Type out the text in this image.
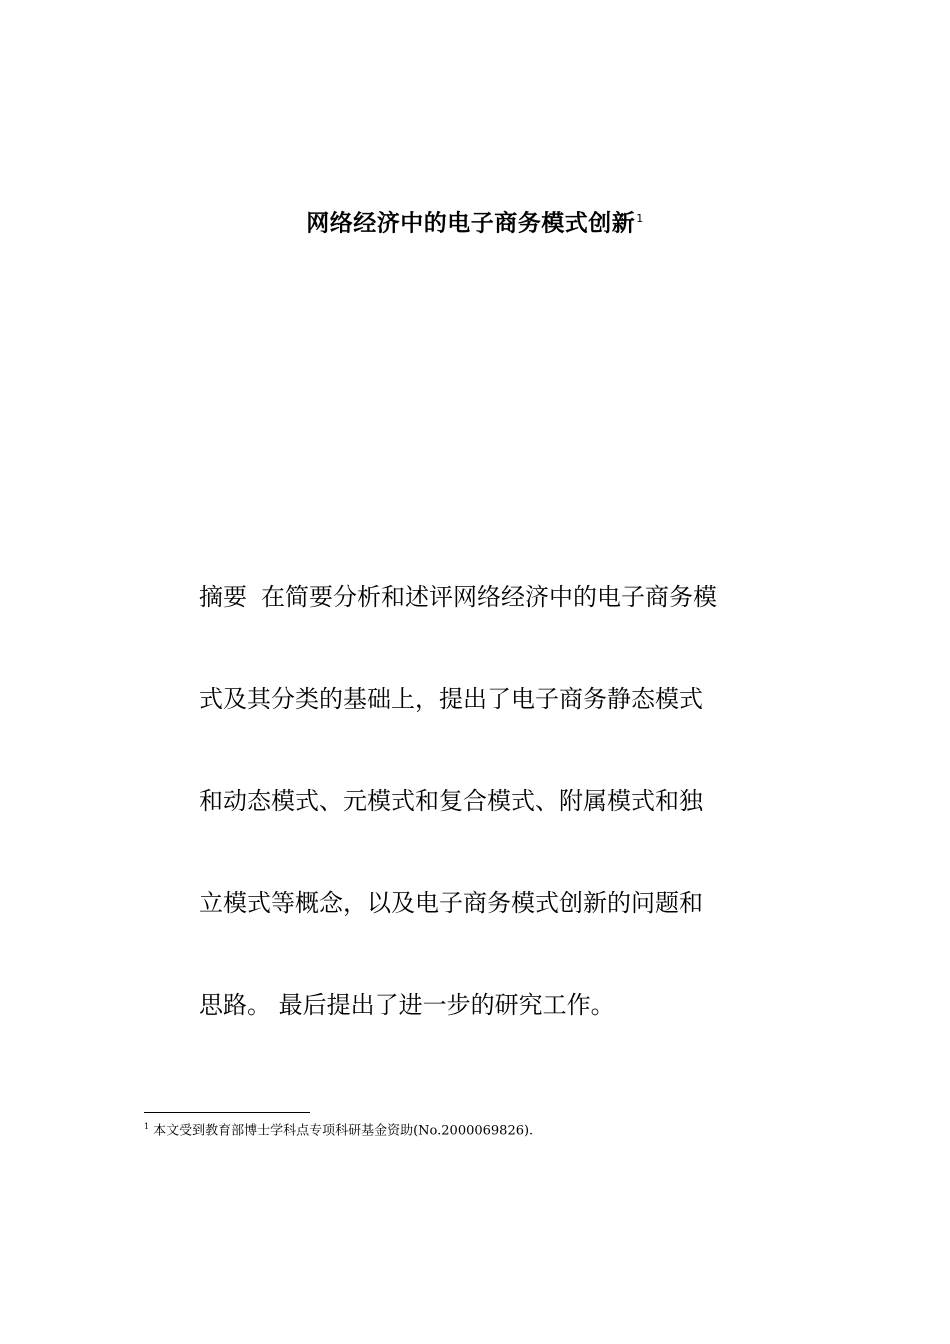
网络经济中的电子商务模式创新$^1$
摘要 在简要分析和述评网络经济中的电子商务模
式及其分类的基础上，提出了电子商务静态模式
和动态模式、元模式和复合模式、附属模式和独
立模式等概念，以及电子商务模式创新的问题和
思路。 最后提出了进一步的研究工作。
$^1$ 本文受到教育部博士学科点专项科研基金资助(No.2000069826).
